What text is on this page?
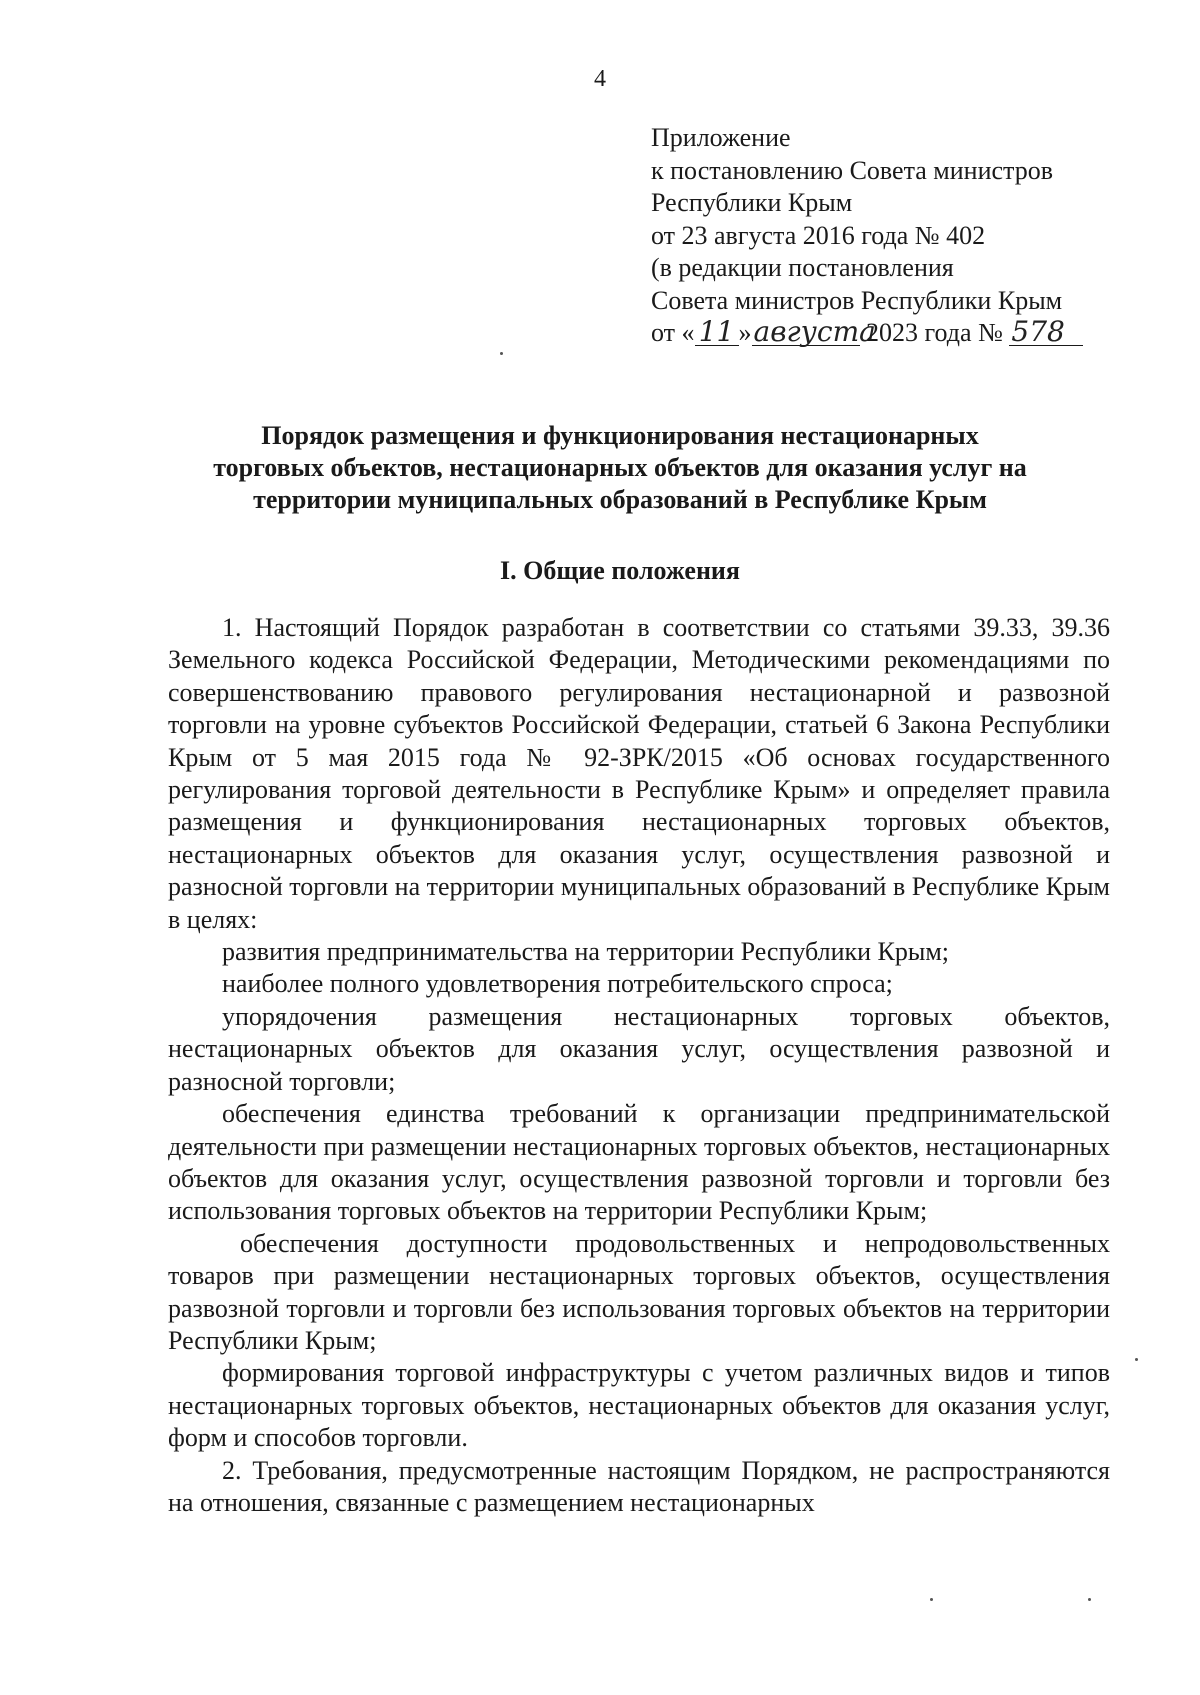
4
Приложение
к постановлению Совета министров
Республики Крым
от 23 августа 2016 года № 402
(в редакции постановления
Совета министров Республики Крым
от « 11 »августа 2023 года № 578
Порядок размещения и функционирования нестационарных
торговых объектов, нестационарных объектов для оказания услуг на
территории муниципальных образований в Республике Крым
I. Общие положения

1. Настоящий Порядок разработан в соответствии со статьями 39.33, 39.36 Земельного кодекса Российской Федерации, Методическими рекомендациями по совершенствованию правового регулирования нестационарной и развозной торговли на уровне субъектов Российской Федерации, статьей 6 Закона Республики Крым от 5 мая 2015 года № 92-ЗРК/2015 «Об основах государственного регулирования торговой деятельности в Республике Крым» и определяет правила размещения и функционирования нестационарных торговых объектов, нестационарных объектов для оказания услуг, осуществления развозной и разносной торговли на территории муниципальных образований в Республике Крым в целях:

развития предпринимательства на территории Республики Крым;

наиболее полного удовлетворения потребительского спроса;

упорядочения размещения нестационарных торговых объектов, нестационарных объектов для оказания услуг, осуществления развозной и разносной торговли;

обеспечения единства требований к организации предпринимательской деятельности при размещении нестационарных торговых объектов, нестационарных объектов для оказания услуг, осуществления развозной торговли и торговли без использования торговых объектов на территории Республики Крым;

обеспечения доступности продовольственных и непродовольственных товаров при размещении нестационарных торговых объектов, осуществления развозной торговли и торговли без использования торговых объектов на территории Республики Крым;

формирования торговой инфраструктуры с учетом различных видов и типов нестационарных торговых объектов, нестационарных объектов для оказания услуг, форм и способов торговли.

2. Требования, предусмотренные настоящим Порядком, не распространяются на отношения, связанные с размещением нестационарных
